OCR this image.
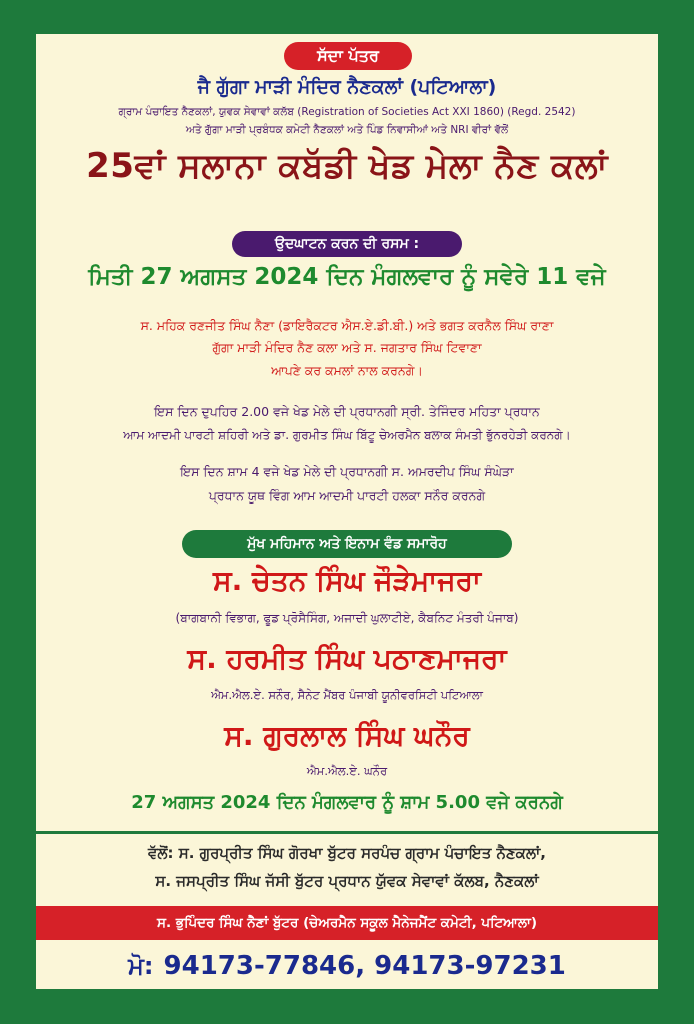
ਸੱਦਾ ਪੱਤਰ
ਜੈ ਗੁੱਗਾ ਮਾੜੀ ਮੰਦਿਰ ਨੈਣਕਲਾਂ (ਪਟਿਆਲਾ)
ਗ੍ਰਾਮ ਪੰਚਾਇਤ ਨੈਣਕਲਾਂ, ਯੁਵਕ ਸੇਵਾਵਾਂ ਕਲੱਬ (Registration of Societies Act XXI 1860) (Regd. 2542)
ਅਤੇ ਗੁੱਗਾ ਮਾੜੀ ਪ੍ਰਬੰਧਕ ਕਮੇਟੀ ਨੈਣਕਲਾਂ ਅਤੇ ਪਿੰਡ ਨਿਵਾਸੀਆਂ ਅਤੇ NRI ਵੀਰਾਂ ਵੱਲੋਂ
25ਵਾਂ ਸਲਾਨਾ ਕਬੱਡੀ ਖੇਡ ਮੇਲਾ ਨੈਣ ਕਲਾਂ
ਉਦਘਾਟਨ ਕਰਨ ਦੀ ਰਸਮ :
ਮਿਤੀ 27 ਅਗਸਤ 2024 ਦਿਨ ਮੰਗਲਵਾਰ ਨੂੰ ਸਵੇਰੇ 11 ਵਜੇ
ਸ. ਮਹਿਕ ਰਣਜੀਤ ਸਿੰਘ ਨੈਣਾ (ਡਾਇਰੈਕਟਰ ਐਸ.ਏ.ਡੀ.ਬੀ.) ਅਤੇ ਭਗਤ ਕਰਨੈਲ ਸਿੰਘ ਰਾਣਾ
ਗੁੱਗਾ ਮਾੜੀ ਮੰਦਿਰ ਨੈਣ ਕਲਾ ਅਤੇ ਸ. ਜਗਤਾਰ ਸਿੰਘ ਟਿਵਾਣਾ
ਆਪਣੇ ਕਰ ਕਮਲਾਂ ਨਾਲ ਕਰਨਗੇ।
ਇਸ ਦਿਨ ਦੁਪਹਿਰ 2.00 ਵਜੇ ਖੇਡ ਮੇਲੇ ਦੀ ਪ੍ਰਧਾਨਗੀ ਸ੍ਰੀ. ਤੇਜਿੰਦਰ ਮਹਿਤਾ ਪ੍ਰਧਾਨ
ਆਮ ਆਦਮੀ ਪਾਰਟੀ ਸ਼ਹਿਰੀ ਅਤੇ ਡਾ. ਗੁਰਮੀਤ ਸਿੰਘ ਬਿੱਟੂ ਚੇਅਰਮੈਨ ਬਲਾਕ ਸੰਮਤੀ ਭੁੱਨਰਹੇੜੀ ਕਰਨਗੇ।
ਇਸ ਦਿਨ ਸ਼ਾਮ 4 ਵਜੇ ਖੇਡ ਮੇਲੇ ਦੀ ਪ੍ਰਧਾਨਗੀ ਸ. ਅਮਰਦੀਪ ਸਿੰਘ ਸੰਘੇੜਾ
ਪ੍ਰਧਾਨ ਯੂਥ ਵਿੰਗ ਆਮ ਆਦਮੀ ਪਾਰਟੀ ਹਲਕਾ ਸਨੌਰ ਕਰਨਗੇ
ਮੁੱਖ ਮਹਿਮਾਨ ਅਤੇ ਇਨਾਮ ਵੰਡ ਸਮਾਰੋਹ
ਸ. ਚੇਤਨ ਸਿੰਘ ਜੌੜੇਮਾਜਰਾ
(ਬਾਗਬਾਨੀ ਵਿਭਾਗ, ਫੂਡ ਪ੍ਰੋਸੈਸਿੰਗ, ਅਜਾਦੀ ਘੁਲਾਟੀਏ, ਕੈਬਨਿਟ ਮੰਤਰੀ ਪੰਜਾਬ)
ਸ. ਹਰਮੀਤ ਸਿੰਘ ਪਠਾਣਮਾਜਰਾ
ਐਮ.ਐਲ.ਏ. ਸਨੌਰ, ਸੈਨੇਟ ਮੈਂਬਰ ਪੰਜਾਬੀ ਯੂਨੀਵਰਸਿਟੀ ਪਟਿਆਲਾ
ਸ. ਗੁਰਲਾਲ ਸਿੰਘ ਘਨੌਰ
ਐਮ.ਐਲ.ਏ. ਘਨੌਰ
27 ਅਗਸਤ 2024 ਦਿਨ ਮੰਗਲਵਾਰ ਨੂੰ ਸ਼ਾਮ 5.00 ਵਜੇ ਕਰਨਗੇ
ਵੱਲੋਂ: ਸ. ਗੁਰਪ੍ਰੀਤ ਸਿੰਘ ਗੋਰਖਾ ਬੁੱਟਰ ਸਰਪੰਚ ਗ੍ਰਾਮ ਪੰਚਾਇਤ ਨੈਣਕਲਾਂ,
ਸ. ਜਸਪ੍ਰੀਤ ਸਿੰਘ ਜੱਸੀ ਬੁੱਟਰ ਪ੍ਰਧਾਨ ਯੁੱਵਕ ਸੇਵਾਵਾਂ ਕੱਲਬ, ਨੈਣਕਲਾਂ
ਸ. ਭੁਪਿੰਦਰ ਸਿੰਘ ਨੈਣਾਂ ਬੁੱਟਰ (ਚੇਅਰਮੈਨ ਸਕੂਲ ਮੈਨੇਜਮੈਂਟ ਕਮੇਟੀ, ਪਟਿਆਲਾ)
ਮੋ: 94173-77846, 94173-97231
